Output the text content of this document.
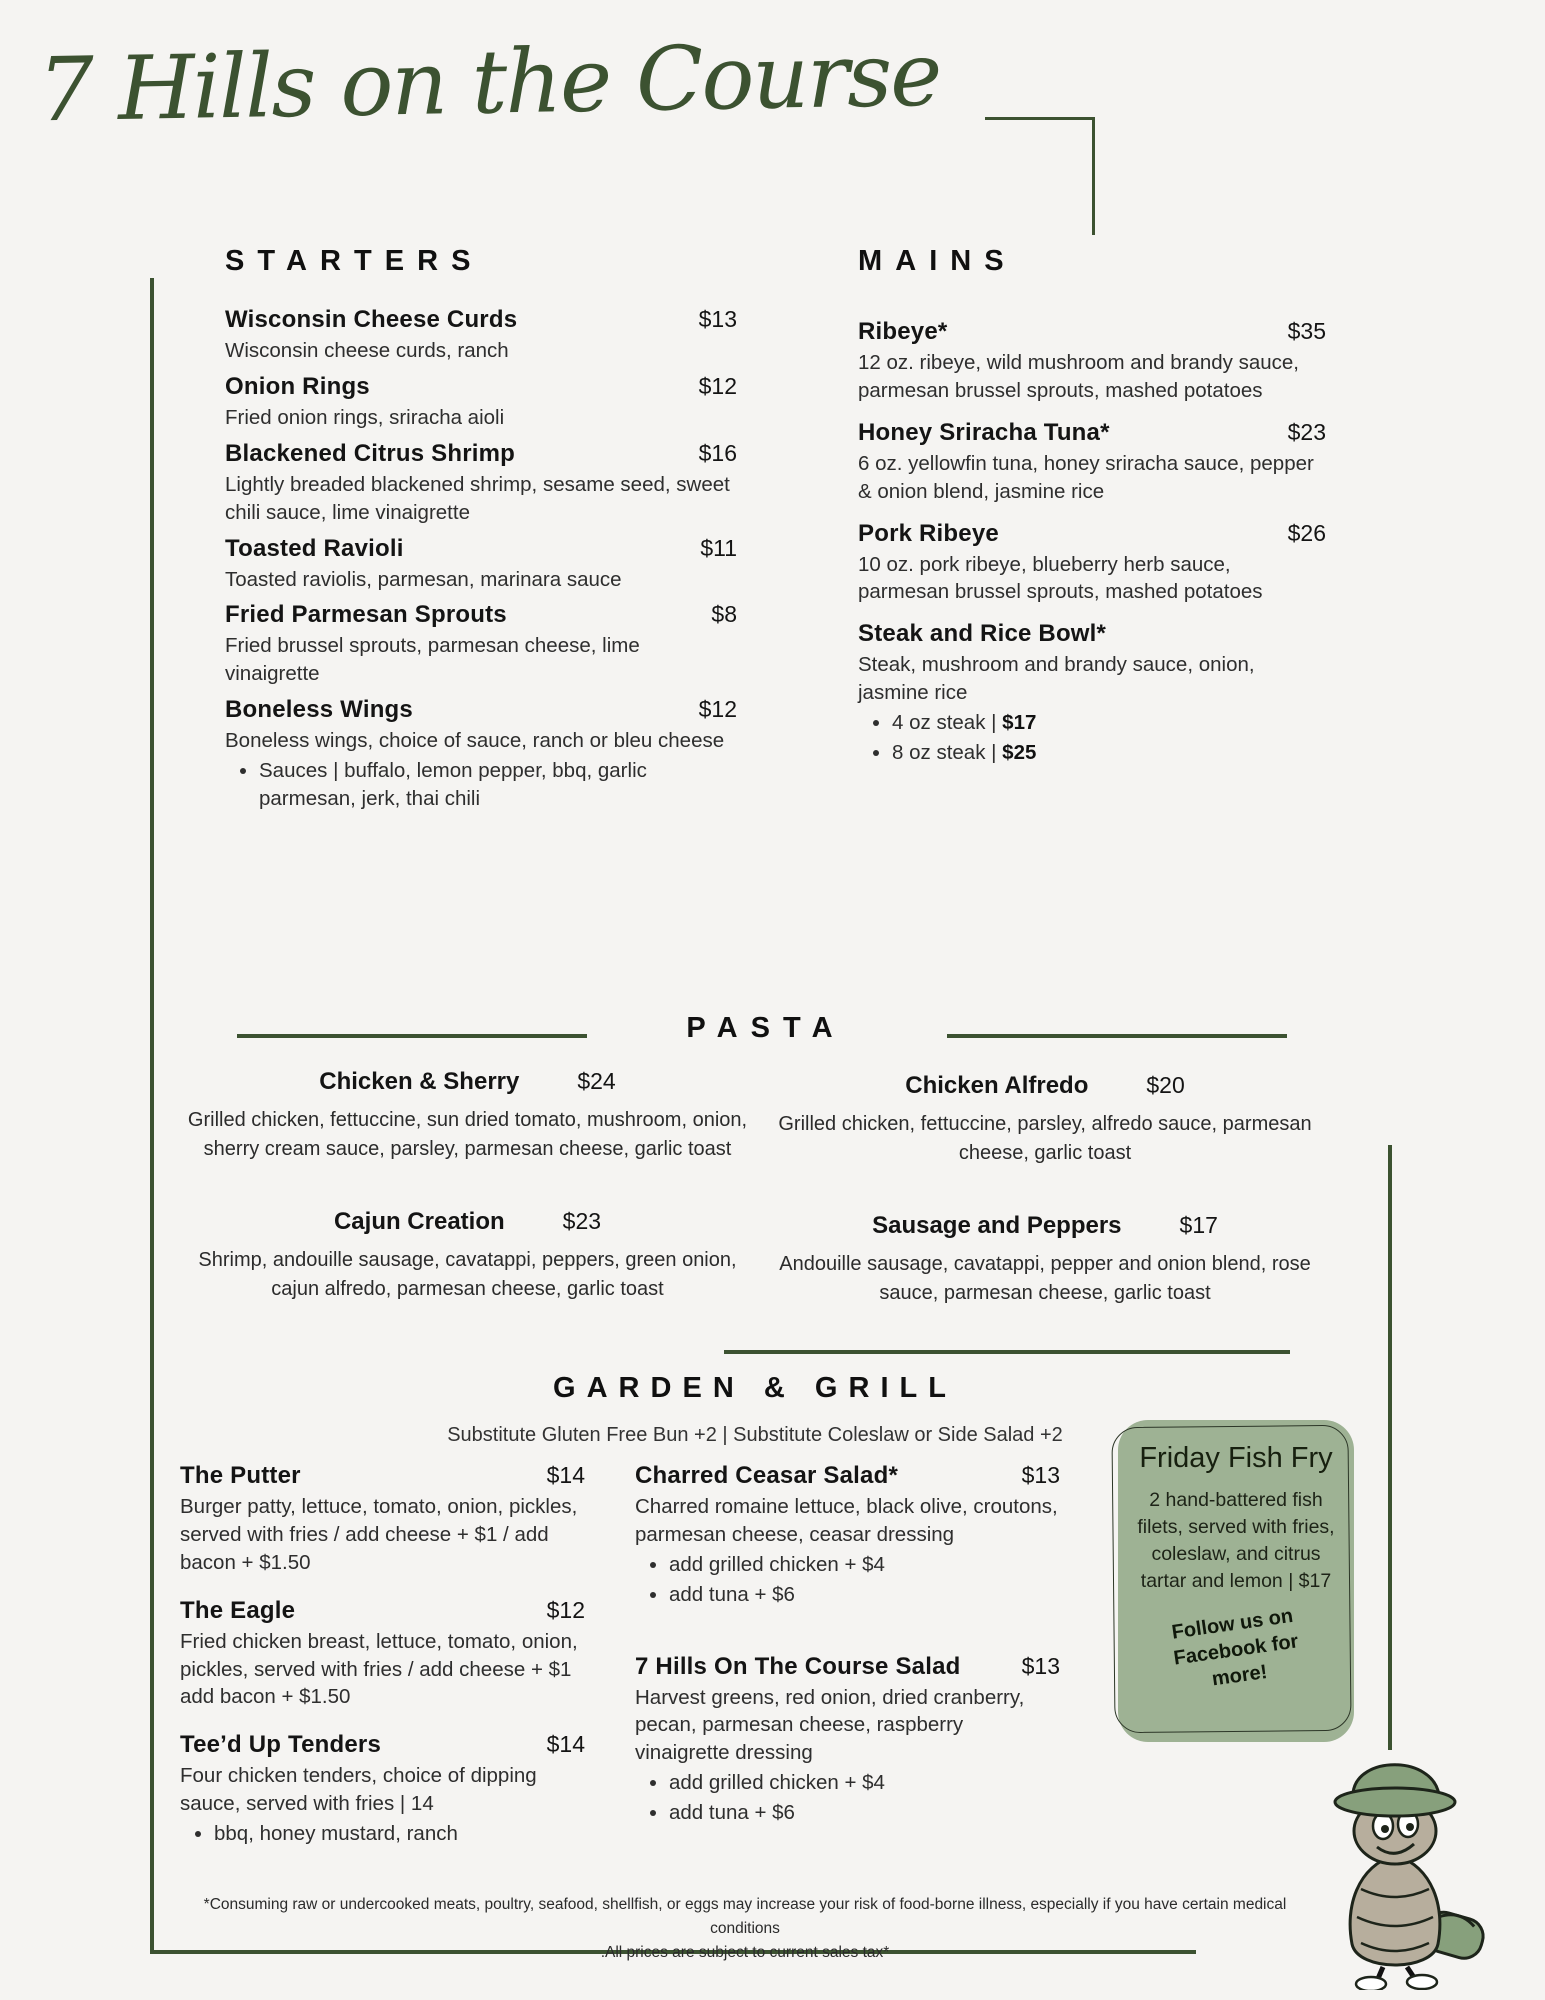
7 Hills on the Course
STARTERS
Wisconsin Cheese Curds	$13
Wisconsin cheese curds, ranch
Onion Rings	$12
Fried onion rings, sriracha aioli
Blackened Citrus Shrimp	$16
Lightly breaded blackened shrimp, sesame seed, sweet chili sauce, lime vinaigrette
Toasted Ravioli	$11
Toasted raviolis, parmesan, marinara sauce
Fried Parmesan Sprouts	$8
Fried brussel sprouts, parmesan cheese, lime vinaigrette
Boneless Wings	$12
Boneless wings, choice of sauce, ranch or bleu cheese
• Sauces | buffalo, lemon pepper, bbq, garlic parmesan, jerk, thai chili
MAINS
Ribeye*	$35
12 oz. ribeye, wild mushroom and brandy sauce, parmesan brussel sprouts, mashed potatoes
Honey Sriracha Tuna*	$23
6 oz. yellowfin tuna, honey sriracha sauce, pepper & onion blend, jasmine rice
Pork Ribeye	$26
10 oz. pork ribeye, blueberry herb sauce, parmesan brussel sprouts, mashed potatoes
Steak and Rice Bowl*
Steak, mushroom and brandy sauce, onion, jasmine rice
• 4 oz steak | $17
• 8 oz steak | $25
PASTA
Chicken & Sherry	$24
Grilled chicken, fettuccine, sun dried tomato, mushroom, onion, sherry cream sauce, parsley, parmesan cheese, garlic toast
Cajun Creation	$23
Shrimp, andouille sausage, cavatappi, peppers, green onion, cajun alfredo, parmesan cheese, garlic toast
Chicken Alfredo	$20
Grilled chicken, fettuccine, parsley, alfredo sauce, parmesan cheese, garlic toast
Sausage and Peppers	$17
Andouille sausage, cavatappi, pepper and onion blend, rose sauce, parmesan cheese, garlic toast
GARDEN & GRILL
Substitute Gluten Free Bun +2 | Substitute Coleslaw or Side Salad +2
The Putter	$14
Burger patty, lettuce, tomato, onion, pickles, served with fries / add cheese + $1 / add bacon + $1.50
The Eagle	$12
Fried chicken breast, lettuce, tomato, onion, pickles, served with fries / add cheese + $1 add bacon + $1.50
Tee’d Up Tenders	$14
Four chicken tenders, choice of dipping sauce, served with fries | 14
• bbq, honey mustard, ranch
Charred Ceasar Salad*	$13
Charred romaine lettuce, black olive, croutons, parmesan cheese, ceasar dressing
• add grilled chicken + $4
• add tuna + $6
7 Hills On The Course Salad	$13
Harvest greens, red onion, dried cranberry, pecan, parmesan cheese, raspberry vinaigrette dressing
• add grilled chicken + $4
• add tuna + $6
Friday Fish Fry
2 hand-battered fish filets, served with fries, coleslaw, and citrus tartar and lemon | $17
Follow us on Facebook for more!
*Consuming raw or undercooked meats, poultry, seafood, shellfish, or eggs may increase your risk of food-borne illness, especially if you have certain medical conditions
.All prices are subject to current sales tax*
